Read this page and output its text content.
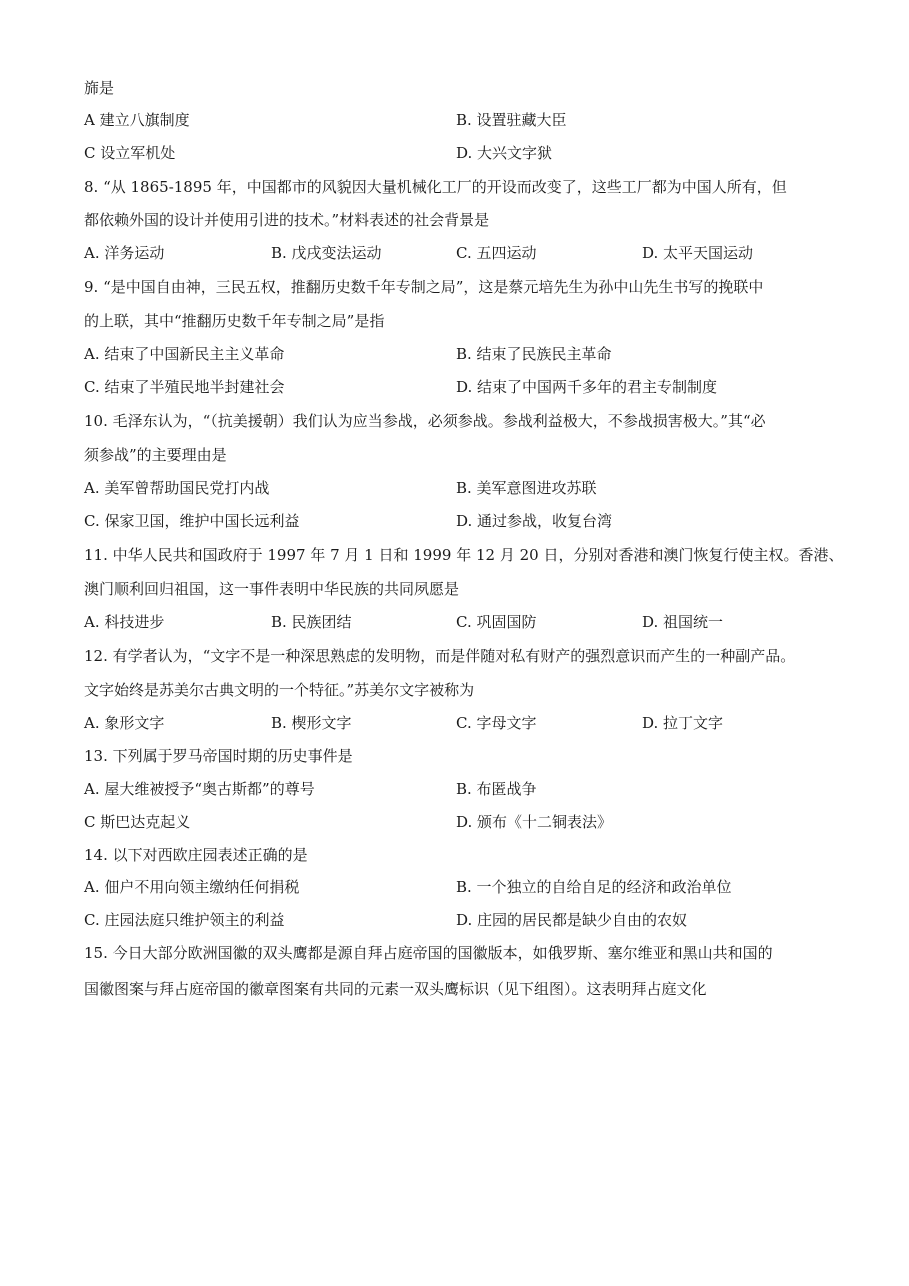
旆是
A 建立八旗制度	B. 设置驻藏大臣
C 设立军机处	D. 大兴文字狱
8. “从 1865-1895 年，中国都市的风貌因大量机械化工厂的开设而改变了，这些工厂都为中国人所有，但
都依赖外国的设计并使用引进的技术。”材料表述的社会背景是
A. 洋务运动	B. 戊戌变法运动	C. 五四运动	D. 太平天国运动
9. “是中国自由神，三民五权，推翻历史数千年专制之局”，这是蔡元培先生为孙中山先生书写的挽联中
的上联，其中“推翻历史数千年专制之局”是指
A. 结束了中国新民主主义革命	B. 结束了民族民主革命
C. 结束了半殖民地半封建社会	D. 结束了中国两千多年的君主专制制度
10. 毛泽东认为，“（抗美援朝）我们认为应当参战，必须参战。参战利益极大，不参战损害极大。”其“必
须参战”的主要理由是
A. 美军曾帮助国民党打内战	B. 美军意图进攻苏联
C. 保家卫国，维护中国长远利益	D. 通过参战，收复台湾
11. 中华人民共和国政府于 1997 年 7 月 1 日和 1999 年 12 月 20 日，分别对香港和澳门恢复行使主权。香港、
澳门顺利回归祖国，这一事件表明中华民族的共同夙愿是
A. 科技进步	B. 民族团结	C. 巩固国防	D. 祖国统一
12. 有学者认为，“文字不是一种深思熟虑的发明物，而是伴随对私有财产的强烈意识而产生的一种副产品。
文字始终是苏美尔古典文明的一个特征。”苏美尔文字被称为
A. 象形文字	B. 楔形文字	C. 字母文字	D. 拉丁文字
13. 下列属于罗马帝国时期的历史事件是
A. 屋大维被授予“奥古斯都”的尊号	B. 布匿战争
C 斯巴达克起义	D. 颁布《十二铜表法》
14. 以下对西欧庄园表述正确的是
A. 佃户不用向领主缴纳任何捐税	B. 一个独立的自给自足的经济和政治单位
C. 庄园法庭只维护领主的利益	D. 庄园的居民都是缺少自由的农奴
15. 今日大部分欧洲国徽的双头鹰都是源自拜占庭帝国的国徽版本，如俄罗斯、塞尔维亚和黑山共和国的
国徽图案与拜占庭帝国的徽章图案有共同的元素一双头鹰标识（见下组图）。这表明拜占庭文化
